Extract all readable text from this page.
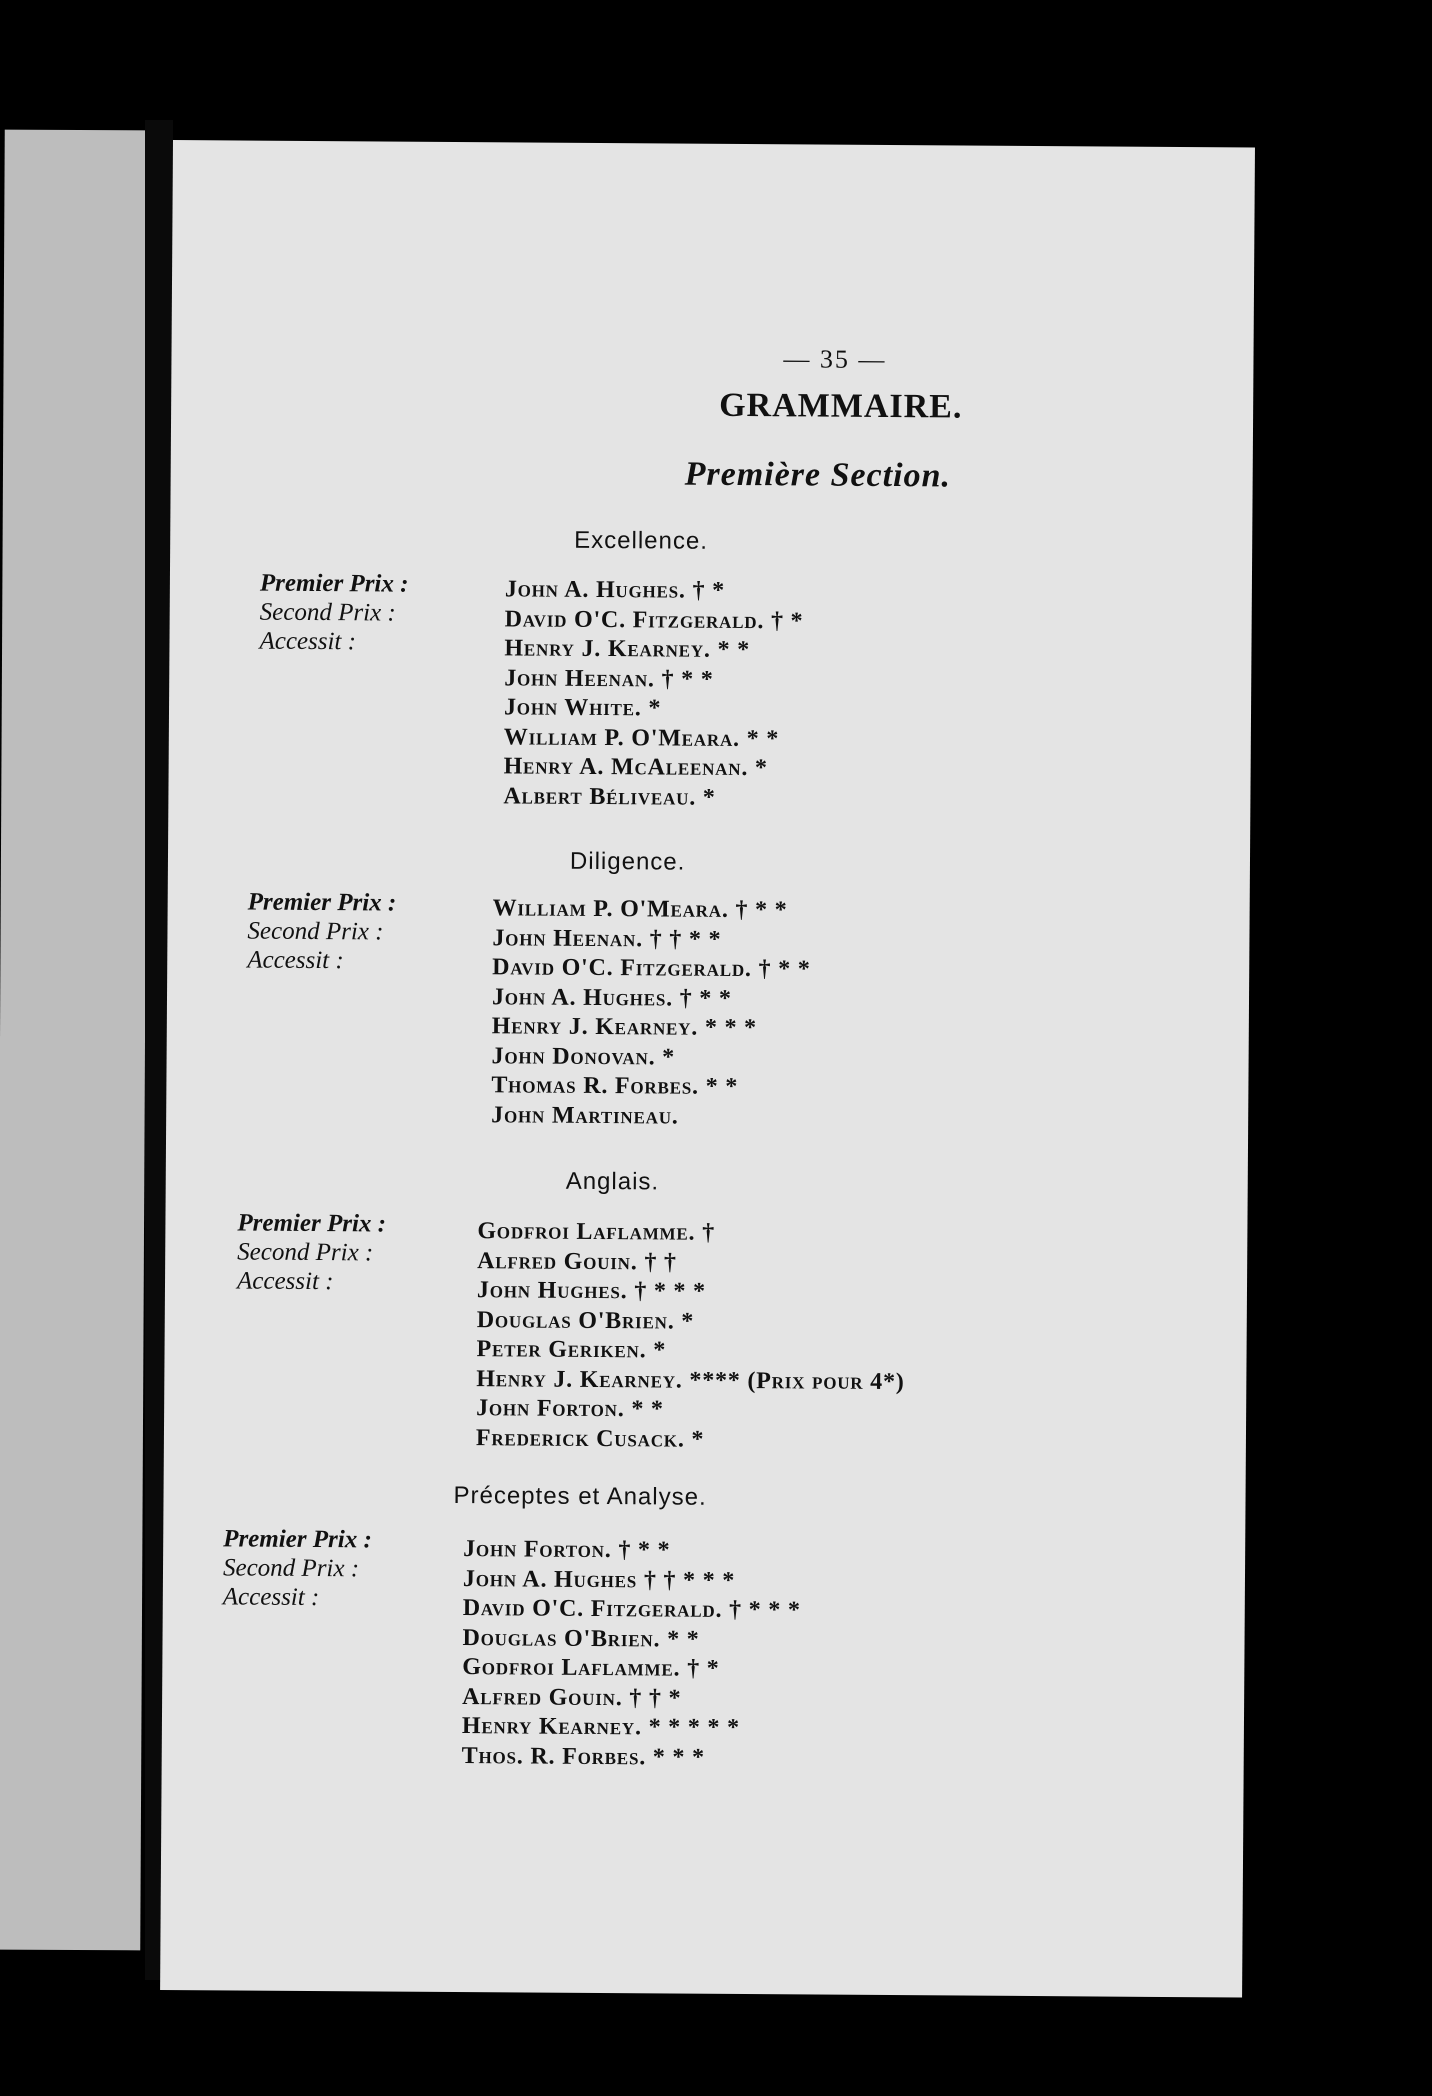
— 35 —
GRAMMAIRE.
Première Section.
Excellence.
Premier Prix :
Second Prix :
Accessit :
John A. Hughes. † *
David O'C. Fitzgerald. † *
Henry J. Kearney. * *
John Heenan. † * *
John White. *
William P. O'Meara. * *
Henry A. McAleenan. *
Albert Béliveau. *
Diligence.
Premier Prix :
Second Prix :
Accessit :
William P. O'Meara. † * *
John Heenan. † † * *
David O'C. Fitzgerald. † * *
John A. Hughes. † * *
Henry J. Kearney. * * *
John Donovan. *
Thomas R. Forbes. * *
John Martineau.
Anglais.
Premier Prix :
Second Prix :
Accessit :
Godfroi Laflamme. †
Alfred Gouin. † †
John Hughes. † * * *
Douglas O'Brien. *
Peter Geriken. *
Henry J. Kearney. **** (Prix pour 4*)
John Forton. * *
Frederick Cusack. *
Préceptes et Analyse.
Premier Prix :
Second Prix :
Accessit :
John Forton. † * *
John A. Hughes † † * * *
David O'C. Fitzgerald. † * * *
Douglas O'Brien. * *
Godfroi Laflamme. † *
Alfred Gouin. † † *
Henry Kearney. * * * * *
Thos. R. Forbes. * * *
